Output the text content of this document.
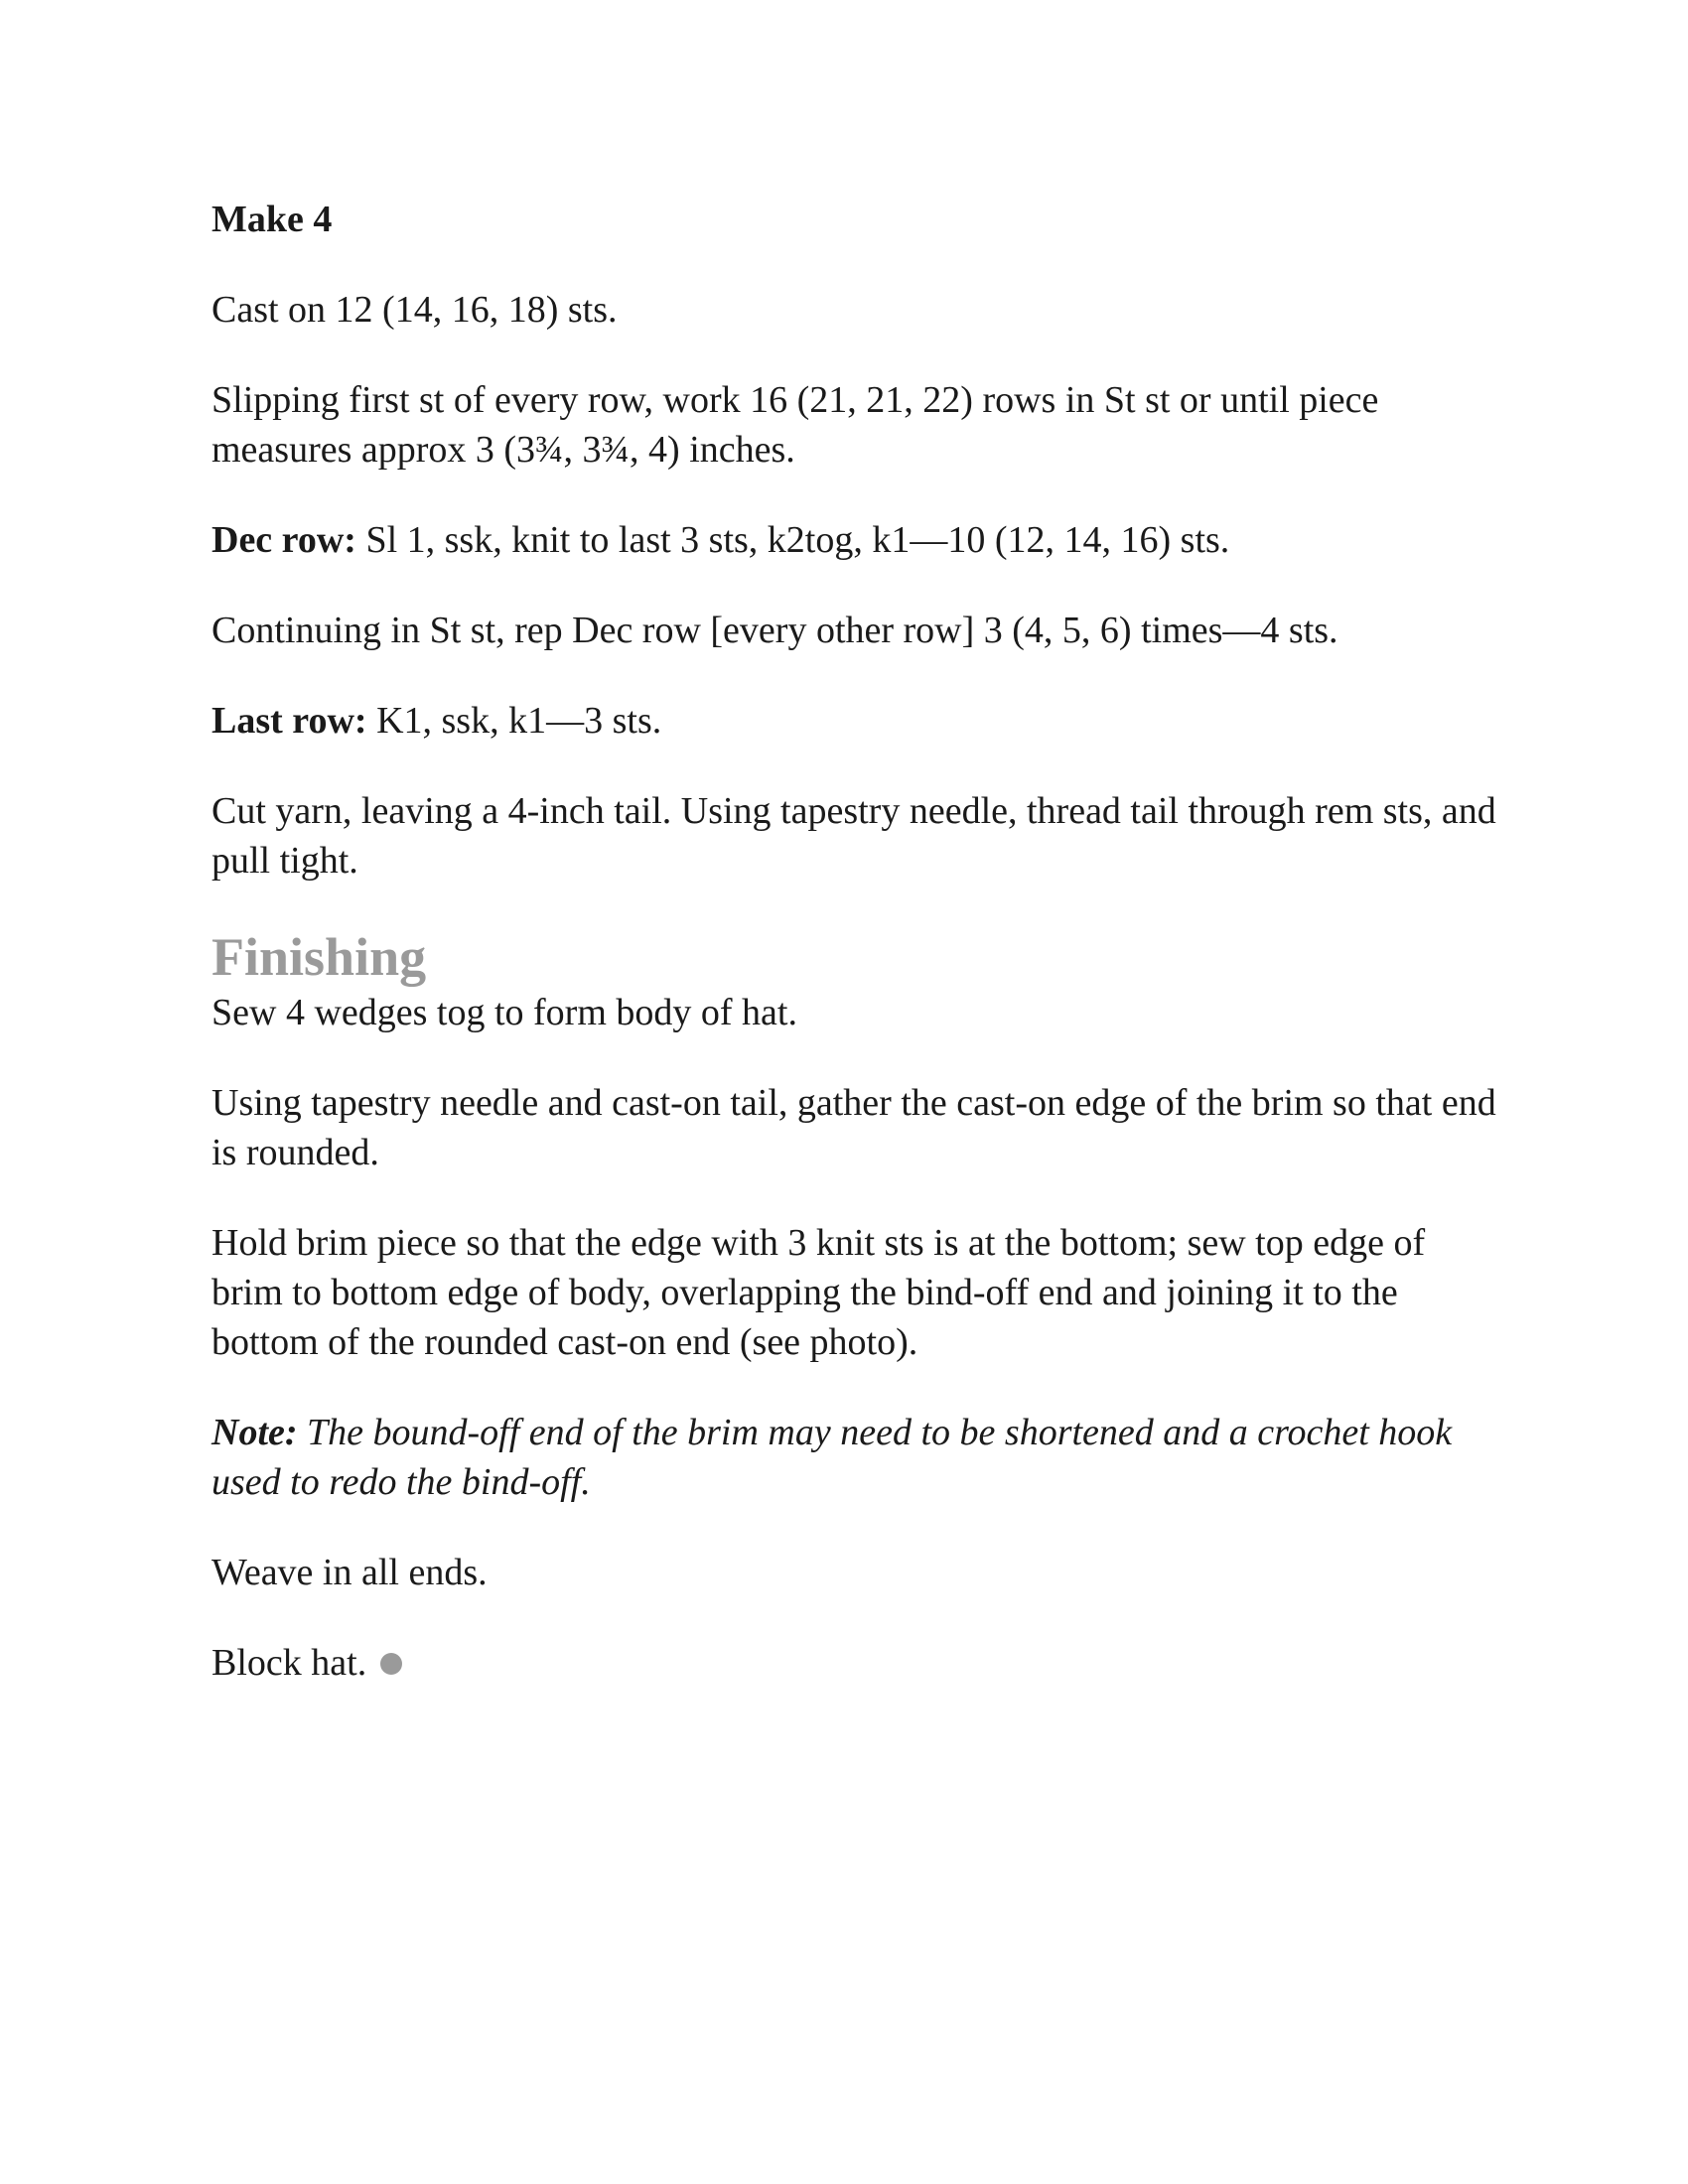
Make 4

Cast on 12 (14, 16, 18) sts.

Slipping first st of every row, work 16 (21, 21, 22) rows in St st or until piece measures approx 3 (3¾, 3¾, 4) inches.

Dec row: Sl 1, ssk, knit to last 3 sts, k2tog, k1—10 (12, 14, 16) sts.

Continuing in St st, rep Dec row [every other row] 3 (4, 5, 6) times—4 sts.

Last row: K1, ssk, k1—3 sts.

Cut yarn, leaving a 4-inch tail. Using tapestry needle, thread tail through rem sts, and pull tight.

Finishing

Sew 4 wedges tog to form body of hat.

Using tapestry needle and cast-on tail, gather the cast-on edge of the brim so that end is rounded.

Hold brim piece so that the edge with 3 knit sts is at the bottom; sew top edge of brim to bottom edge of body, overlapping the bind-off end and joining it to the bottom of the rounded cast-on end (see photo).

Note: The bound-off end of the brim may need to be shortened and a crochet hook used to redo the bind-off.

Weave in all ends.

Block hat.
